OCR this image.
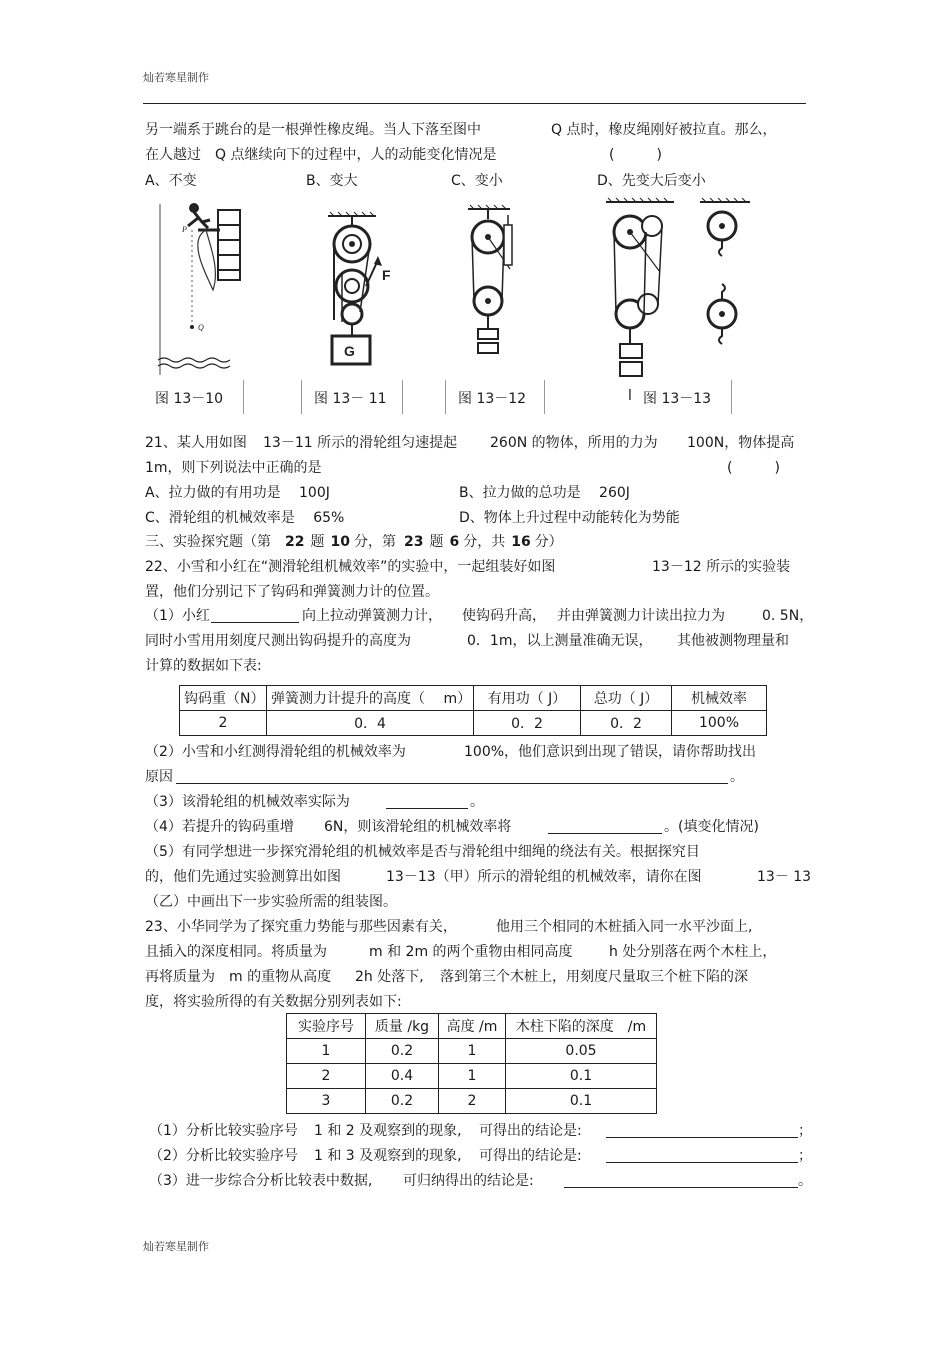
灿若寒星制作
另一端系于跳台的是一根弹性橡皮绳。当人下落至图中	Q 点时，橡皮绳刚好被拉直。那么，
在人越过　Q 点继续向下的过程中，人的动能变化情况是	(　　　)
A、不变	B、变大	C、变小	D、先变大后变小
P
Q
F
G
图 13－10	图 13－ 11	图 13－12	l 图 13－13
21、某人用如图 13－11 所示的滑轮组匀速提起 260N 的物体，所用的力为 100N，物体提高
1m，则下列说法中正确的是	(　　　)
A、拉力做的有用功是　 100J	B、拉力做的总功是　 260J
C、滑轮组的机械效率是　 65%	D、物体上升过程中动能转化为势能
三、实验探究题（第 22 题 10 分，第 23 题 6 分，共 16 分）
22、小雪和小红在“测滑轮组机械效率”的实验中，一起组装好如图	13－12 所示的实验装
置，他们分别记下了钩码和弹簧测力计的位置。
（1）小红	向上拉动弹簧测力计， 使钩码升高， 并由弹簧测力计读出拉力为	0. 5N，
同时小雪用用刻度尺测出钩码提升的高度为	0．1m，以上测量准确无误， 其他被测物理量和
计算的数据如下表:
钩码重（N）	弹簧测力计提升的高度（　 m）	有用功（ J）	总功（ J）	机械效率
2	0．4	0．2	0．2	100%
（2）小雪和小红测得滑轮组的机械效率为	100%，他们意识到出现了错误，请你帮助找出
原因	。
（3）该滑轮组的机械效率实际为	。
（4）若提升的钩码重增 6N，则该滑轮组的机械效率将	。(填变化情况)
（5）有同学想进一步探究滑轮组的机械效率是否与滑轮组中细绳的绕法有关。根据探究目
的，他们先通过实验测算出如图	13－13（甲）所示的滑轮组的机械效率，请你在图	13－ 13
（乙）中画出下一步实验所需的组装图。
23、小华同学为了探究重力势能与那些因素有关，	他用三个相同的木桩插入同一水平沙面上,
且插入的深度相同。将质量为	m 和 2m 的两个重物由相同高度	h 处分别落在两个木柱上，
再将质量为　m 的重物从高度 2h 处落下, 落到第三个木桩上，用刻度尺量取三个桩下陷的深
度，将实验所得的有关数据分别列表如下:
实验序号	质量 /kg	高度 /m	木柱下陷的深度　/m
1	0.2	1	0.05
2	0.4	1	0.1
3	0.2	2	0.1
（1）分析比较实验序号 1 和 2 及观察到的现象, 可得出的结论是:	；
（2）分析比较实验序号 1 和 3 及观察到的现象, 可得出的结论是:	；
（3）进一步综合分析比较表中数据, 可归纳得出的结论是:	。
灿若寒星制作
